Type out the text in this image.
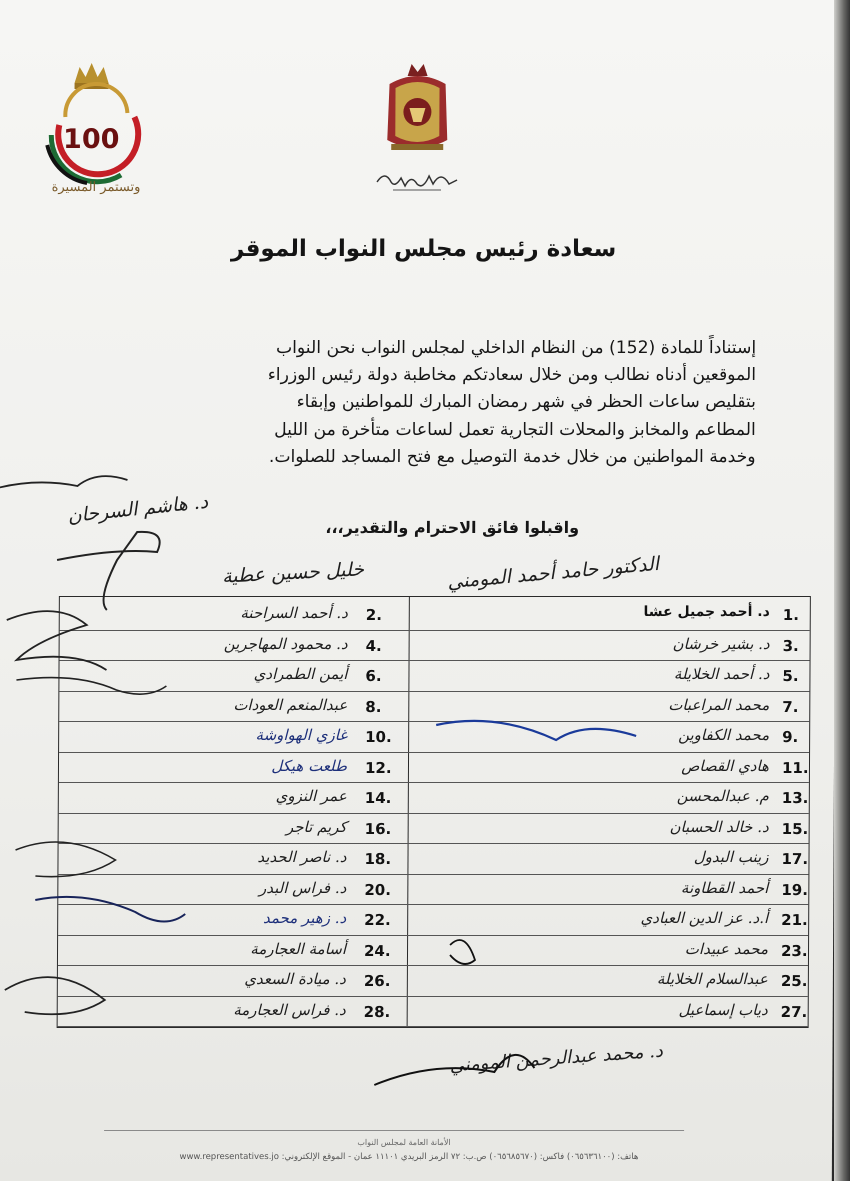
100
وتستمر المسيرة
سعادة رئيس مجلس النواب الموقر
إستناداً للمادة (152) من النظام الداخلي لمجلس النواب نحن النواب
الموقعين أدناه نطالب ومن خلال سعادتكم مخاطبة دولة رئيس الوزراء
بتقليص ساعات الحظر في شهر رمضان المبارك للمواطنين وإبقاء
المطاعم والمخابز والمحلات التجارية تعمل لساعات متأخرة من الليل
وخدمة المواطنين من خلال خدمة التوصيل مع فتح المساجد للصلوات.
واقبلوا فائق الاحترام والتقدير،،،
د. هاشم السرحان
خليل حسين عطية	الدكتور حامد أحمد المومني
د. محمد عبدالرحمن المومني
1.
د. أحمد جميل عشا
2.
د. أحمد السراحنة
3.
د. بشير خرشان
4.
د. محمود المهاجرين
5.
د. أحمد الخلايلة
6.
أيمن الطمرادي
7.
محمد المراعبات
8.
عبدالمنعم العودات
9.
محمد الكفاوين
10.
غازي الهواوشة
11.
هادي القصاص
12.
طلعت هيكل
13.
م. عبدالمحسن
14.
عمر النزوي
15.
د. خالد الحسبان
16.
كريم تاجر
17.
زينب البدول
18.
د. ناصر الحديد
19.
أحمد القطاونة
20.
د. فراس البدر
21.
أ.د. عز الدين العبادي
22.
د. زهير محمد
23.
محمد عبيدات
24.
أسامة العجارمة
25.
عبدالسلام الخلايلة
26.
د. ميادة السعدي
27.
دياب إسماعيل
28.
د. فراس العجارمة
الأمانة العامة لمجلس النواب
هاتف: (٠٦٥٦٣٦١٠٠) فاكس: (٠٦٥٦٨٥٦٧٠) ص.ب: ٧٢ الرمز البريدي ١١١٠١ عمان - الموقع الإلكتروني: www.representatives.jo
